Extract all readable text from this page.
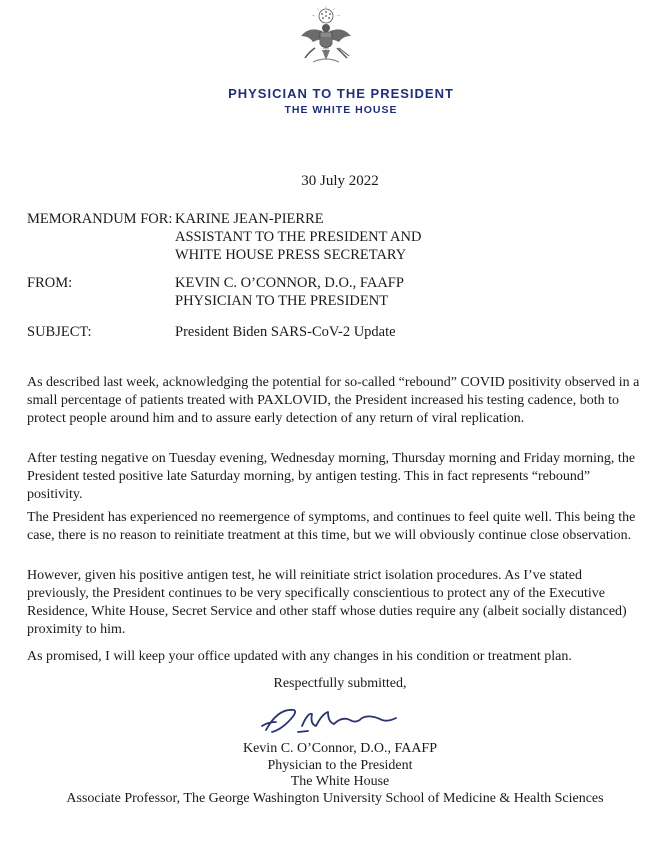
PHYSICIAN TO THE PRESIDENT
THE WHITE HOUSE
30 July 2022
MEMORANDUM FOR: KARINE JEAN-PIERRE
ASSISTANT TO THE PRESIDENT AND
WHITE HOUSE PRESS SECRETARY
FROM:	KEVIN C. O’CONNOR, D.O., FAAFP
PHYSICIAN TO THE PRESIDENT
SUBJECT:	President Biden SARS-CoV-2 Update

As described last week, acknowledging the potential for so-called “rebound” COVID positivity observed in a small percentage of patients treated with PAXLOVID, the President increased his testing cadence, both to protect people around him and to assure early detection of any return of viral replication.

After testing negative on Tuesday evening, Wednesday morning, Thursday morning and Friday morning, the President tested positive late Saturday morning, by antigen testing. This in fact represents “rebound” positivity.

The President has experienced no reemergence of symptoms, and continues to feel quite well. This being the case, there is no reason to reinitiate treatment at this time, but we will obviously continue close observation.

However, given his positive antigen test, he will reinitiate strict isolation procedures. As I’ve stated previously, the President continues to be very specifically conscientious to protect any of the Executive Residence, White House, Secret Service and other staff whose duties require any (albeit socially distanced) proximity to him.

As promised, I will keep your office updated with any changes in his condition or treatment plan.

Respectfully submitted,
Kevin C. O’Connor, D.O., FAAFP
Physician to the President
The White House
Associate Professor, The George Washington University School of Medicine & Health Sciences
